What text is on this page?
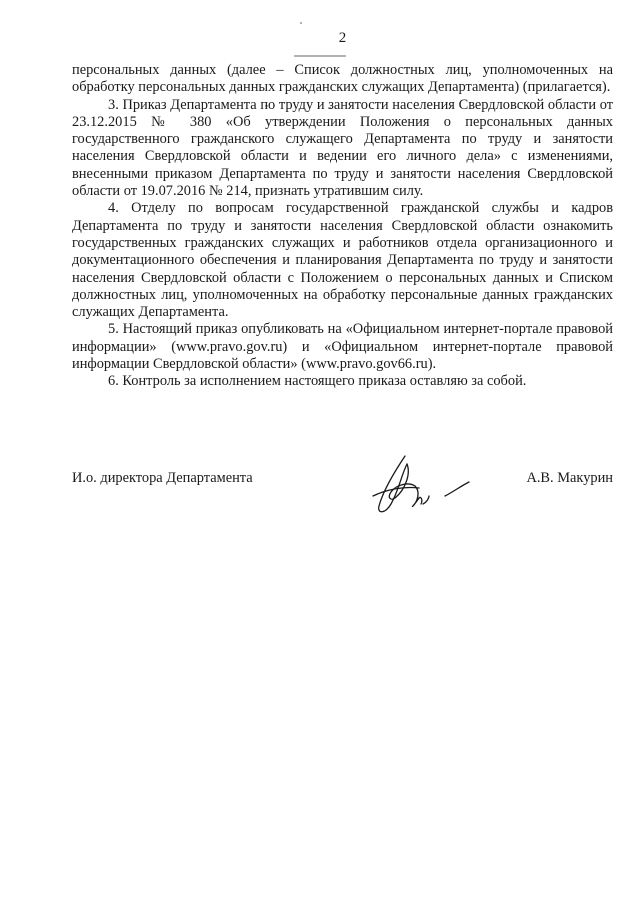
2

персональных данных (далее – Список должностных лиц, уполномоченных на обработку персональных данных гражданских служащих Департамента) (прилагается).

3. Приказ Департамента по труду и занятости населения Свердловской области от 23.12.2015 № 380 «Об утверждении Положения о персональных данных государственного гражданского служащего Департамента по труду и занятости населения Свердловской области и ведении его личного дела» с изменениями, внесенными приказом Департамента по труду и занятости населения Свердловской области от 19.07.2016 № 214, признать утратившим силу.

4. Отделу по вопросам государственной гражданской службы и кадров Департамента по труду и занятости населения Свердловской области ознакомить государственных гражданских служащих и работников отдела организационного и документационного обеспечения и планирования Департамента по труду и занятости населения Свердловской области с Положением о персональных данных и Списком должностных лиц, уполномоченных на обработку персональные данных гражданских служащих Департамента.

5. Настоящий приказ опубликовать на «Официальном интернет-портале правовой информации» (www.pravo.gov.ru) и «Официальном интернет-портале правовой информации Свердловской области» (www.pravo.gov66.ru).

6. Контроль за исполнением настоящего приказа оставляю за собой.

И.о. директора Департамента	А.В. Макурин
